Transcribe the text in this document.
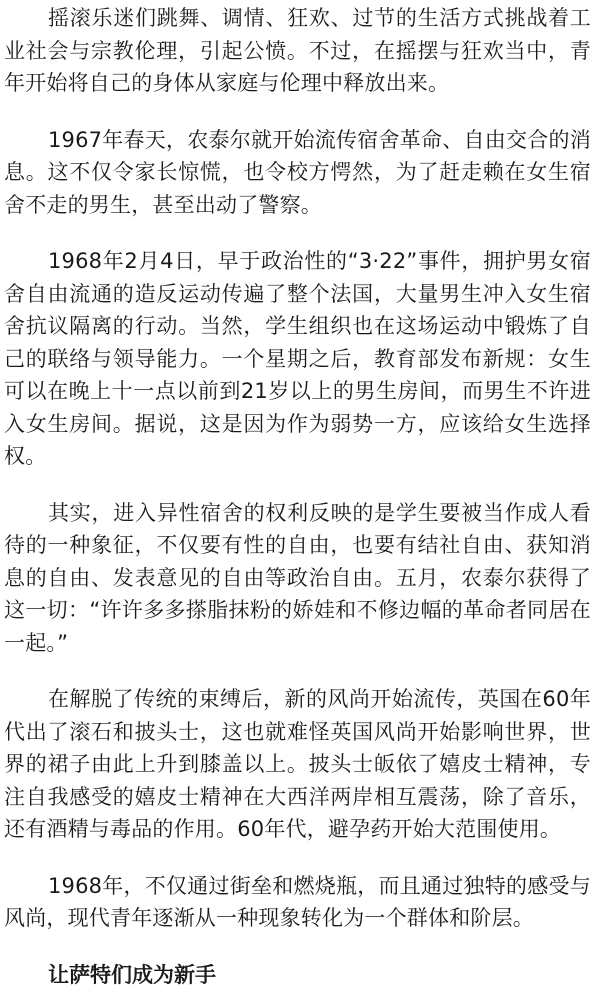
摇滚乐迷们跳舞、调情、狂欢、过节的生活方式挑战着工业社会与宗教伦理，引起公愤。不过，在摇摆与狂欢当中，青年开始将自己的身体从家庭与伦理中释放出来。

1967年春天，农泰尔就开始流传宿舍革命、自由交合的消息。这不仅令家长惊慌，也令校方愕然，为了赶走赖在女生宿舍不走的男生，甚至出动了警察。

1968年2月4日，早于政治性的“3·22”事件，拥护男女宿舍自由流通的造反运动传遍了整个法国，大量男生冲入女生宿舍抗议隔离的行动。当然，学生组织也在这场运动中锻炼了自己的联络与领导能力。一个星期之后，教育部发布新规：女生可以在晚上十一点以前到21岁以上的男生房间，而男生不许进入女生房间。据说，这是因为作为弱势一方，应该给女生选择权。

其实，进入异性宿舍的权利反映的是学生要被当作成人看待的一种象征，不仅要有性的自由，也要有结社自由、获知消息的自由、发表意见的自由等政治自由。五月，农泰尔获得了这一切：“许许多多搽脂抹粉的娇娃和不修边幅的革命者同居在一起。”

在解脱了传统的束缚后，新的风尚开始流传，英国在60年代出了滚石和披头士，这也就难怪英国风尚开始影响世界，世界的裙子由此上升到膝盖以上。披头士皈依了嬉皮士精神，专注自我感受的嬉皮士精神在大西洋两岸相互震荡，除了音乐，还有酒精与毒品的作用。60年代，避孕药开始大范围使用。

1968年，不仅通过街垒和燃烧瓶，而且通过独特的感受与风尚，现代青年逐渐从一种现象转化为一个群体和阶层。

让萨特们成为新手
